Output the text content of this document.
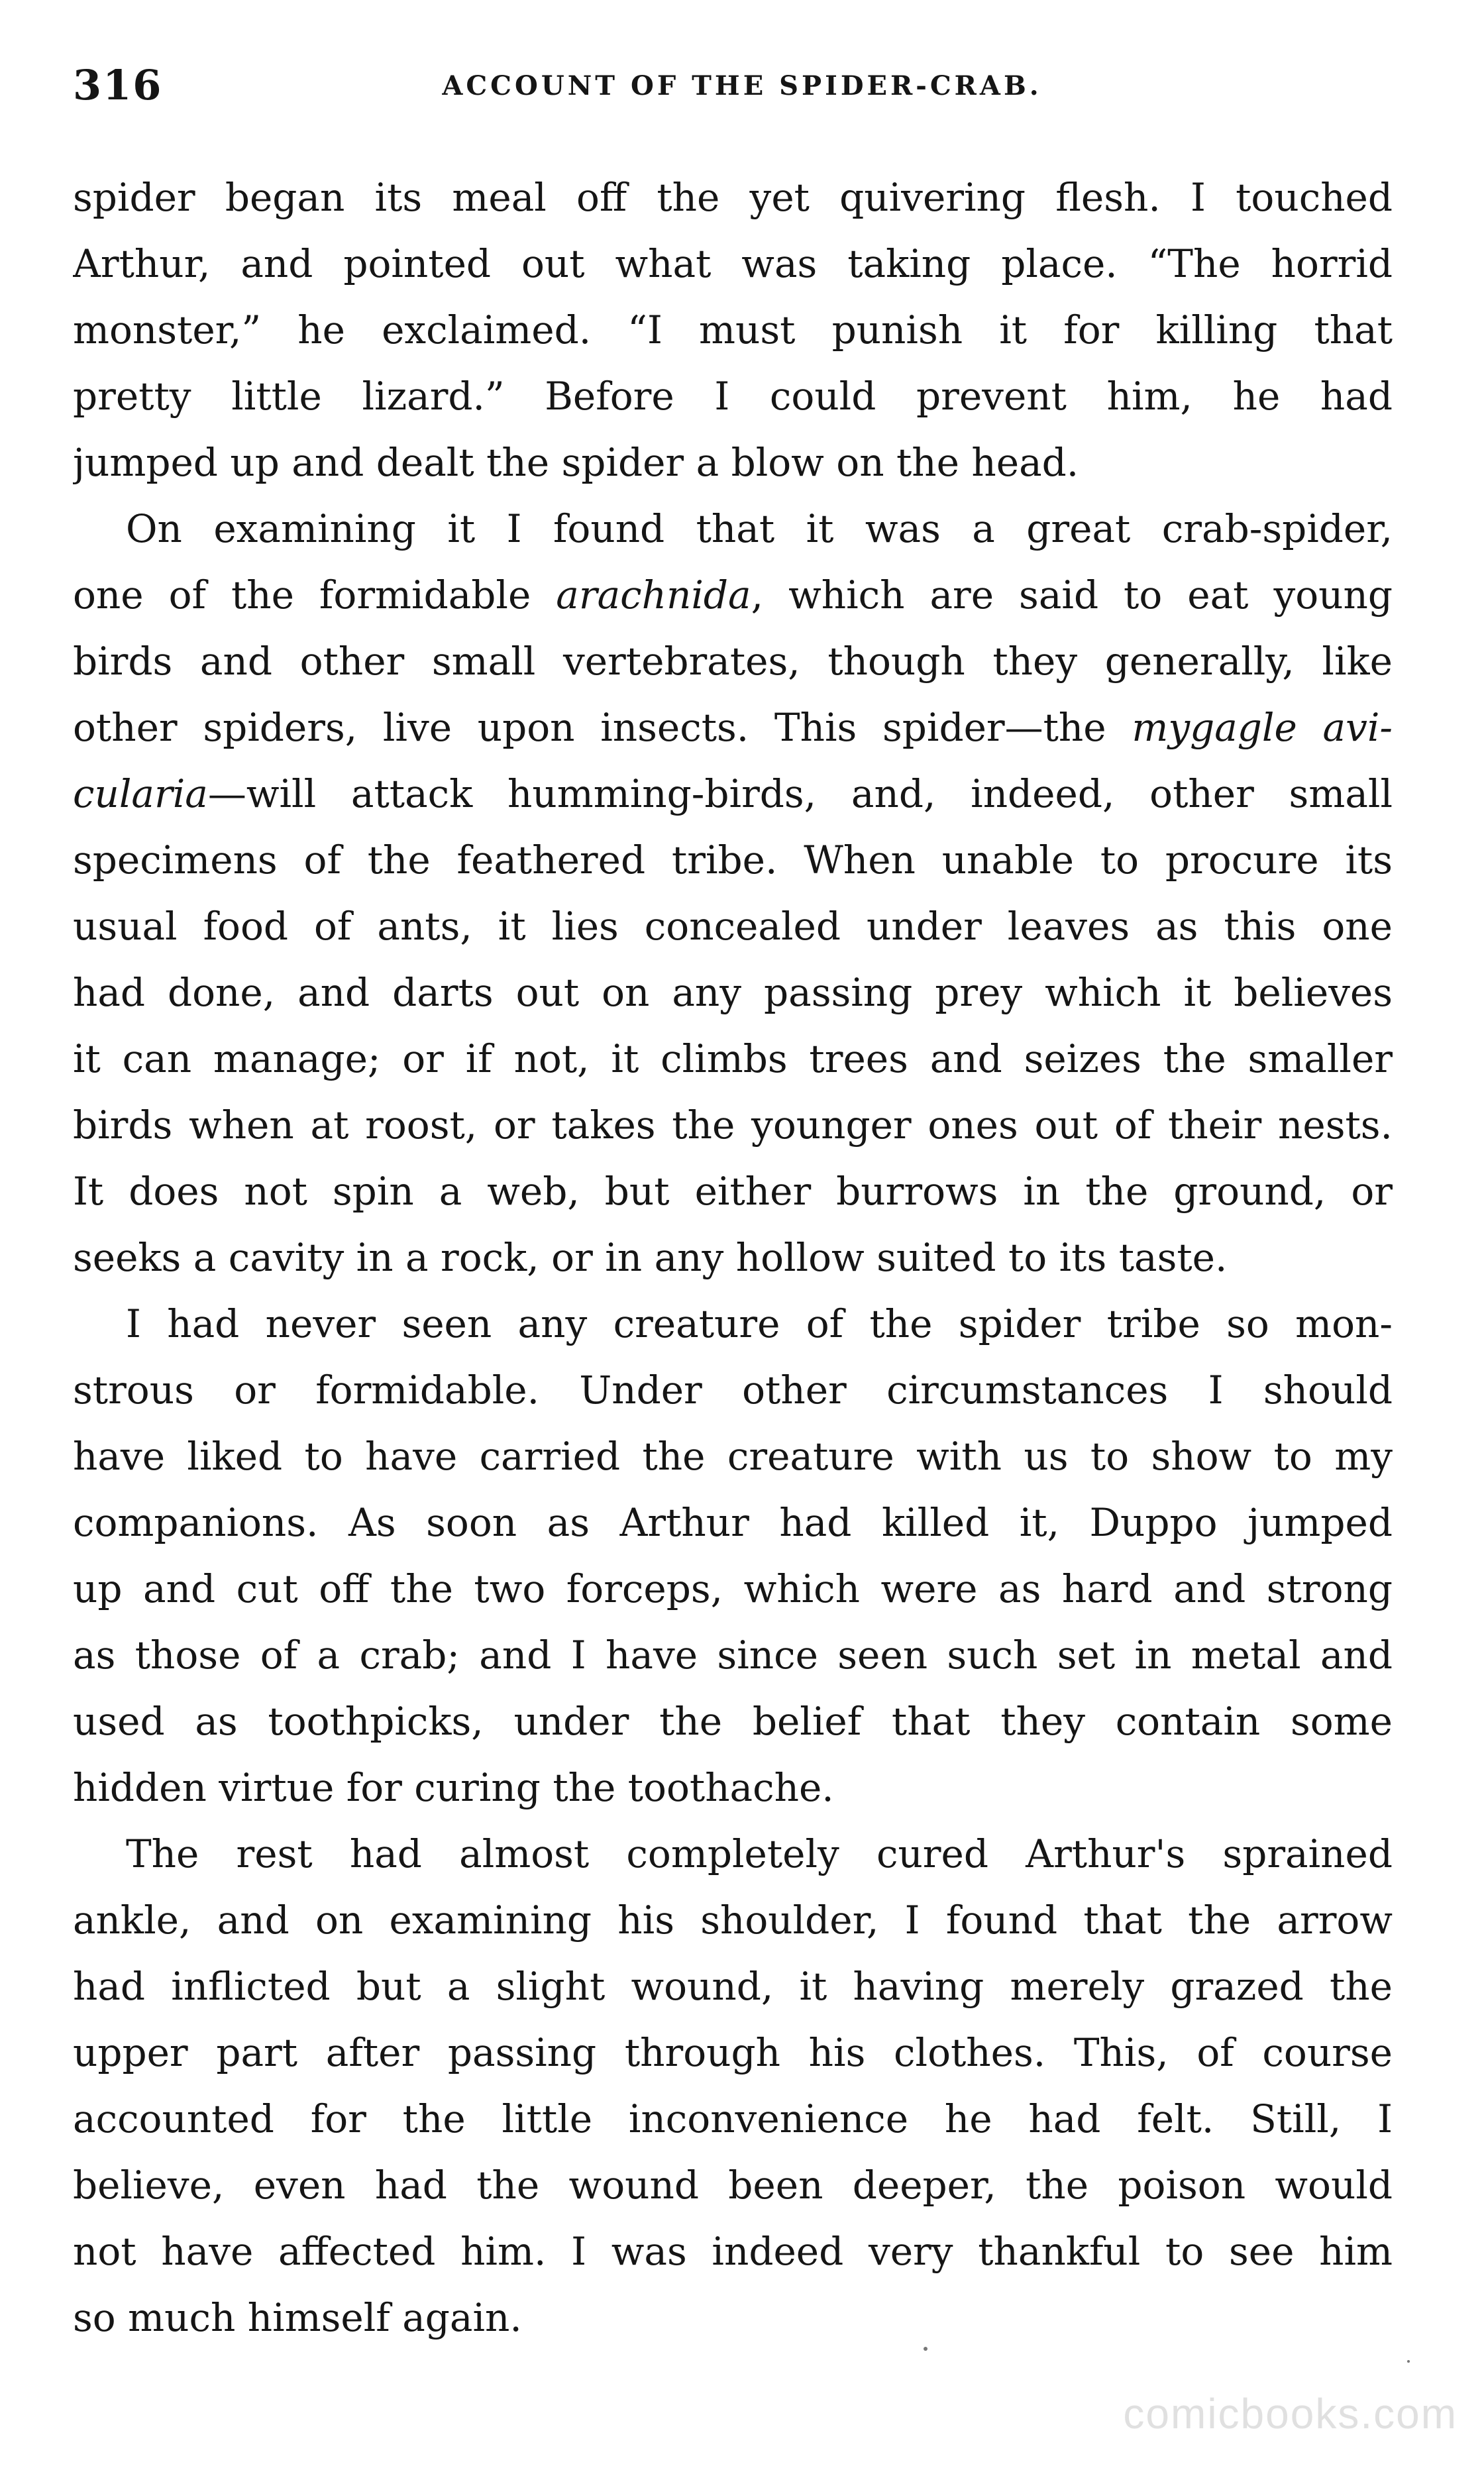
316	ACCOUNT OF THE SPIDER-CRAB.
spider began its meal off the yet quivering flesh. I touched
Arthur, and pointed out what was taking place. “The horrid
monster,” he exclaimed. “I must punish it for killing that
pretty little lizard.” Before I could prevent him, he had
jumped up and dealt the spider a blow on the head.
On examining it I found that it was a great crab-spider,
one of the formidable arachnida, which are said to eat young
birds and other small vertebrates, though they generally, like
other spiders, live upon insects. This spider—the mygagle avi-
cularia—will attack humming-birds, and, indeed, other small
specimens of the feathered tribe. When unable to procure its
usual food of ants, it lies concealed under leaves as this one
had done, and darts out on any passing prey which it believes
it can manage; or if not, it climbs trees and seizes the smaller
birds when at roost, or takes the younger ones out of their nests.
It does not spin a web, but either burrows in the ground, or
seeks a cavity in a rock, or in any hollow suited to its taste.
I had never seen any creature of the spider tribe so mon-
strous or formidable. Under other circumstances I should
have liked to have carried the creature with us to show to my
companions. As soon as Arthur had killed it, Duppo jumped
up and cut off the two forceps, which were as hard and strong
as those of a crab; and I have since seen such set in metal and
used as toothpicks, under the belief that they contain some
hidden virtue for curing the toothache.
The rest had almost completely cured Arthur's sprained
ankle, and on examining his shoulder, I found that the arrow
had inflicted but a slight wound, it having merely grazed the
upper part after passing through his clothes. This, of course
accounted for the little inconvenience he had felt. Still, I
believe, even had the wound been deeper, the poison would
not have affected him. I was indeed very thankful to see him
so much himself again.
comicbooks.com
